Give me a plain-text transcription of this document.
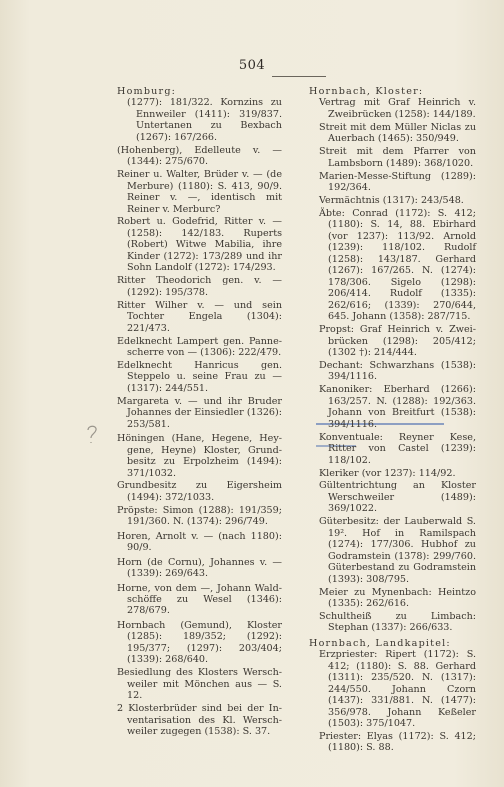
504
Homburg:
(1277): 181/322. Kornzins zu Ennweiler (1411): 319/837. Untertanen zu Bexbach (1267): 167/266.
(Hohenberg), Edelleute v. — (1344): 275/670.
Reiner u. Walter, Brüder v. — (de Merbure) (1180): S. 413, 90/9. Reiner v. —, identisch mit Reiner v. Merburc?
Robert u. Godefrid, Ritter v. — (1258): 142/183. Ruperts (Robert) Witwe Mabilia, ihre Kinder (1272): 173/289 und ihr Sohn Landolf (1272): 174/293.
Ritter Theodorich gen. v. — (1292): 195/378.
Ritter Wilher v. — und sein Tochter Engela (1304): 221/473.
Edelknecht Lampert gen. Panne-scherre von — (1306): 222/479.
Edelknecht Hanricus gen. Steppelo u. seine Frau zu — (1317): 244/551.
Margareta v. — und ihr Bruder Johannes der Einsiedler (1326): 253/581.
Höningen (Hane, Hegene, Hey-gene, Heyne) Kloster, Grund-besitz zu Erpolzheim (1494): 371/1032.
Grundbesitz zu Eigersheim (1494): 372/1033.
Pröpste: Simon (1288): 191/359; 191/360. N. (1374): 296/749.
Horen, Arnolt v. — (nach 1180): 90/9.
Horn (de Cornu), Johannes v. — (1339): 269/643.
Horne, von dem —, Johann Wald-schöffe zu Wesel (1346): 278/679.
Hornbach (Gemund), Kloster (1285): 189/352; (1292): 195/377; (1297): 203/404; (1339): 268/640.
Besiedlung des Klosters Wersch-weiler mit Mönchen aus — S. 12.
2 Klosterbrüder sind bei der In-ventarisation des Kl. Wersch-weiler zugegen (1538): S. 37.
Hornbach, Kloster:
Vertrag mit Graf Heinrich v. Zweibrücken (1258): 144/189.
Streit mit dem Müller Niclas zu Auerbach (1465): 350/949.
Streit mit dem Pfarrer von Lambsborn (1489): 368/1020.
Marien-Messe-Stiftung (1289): 192/364.
Vermächtnis (1317): 243/548.
Äbte: Conrad (1172): S. 412; (1180): S. 14, 88. Ebirhard (vor 1237): 113/92. Arnold (1239): 118/102. Rudolf (1258): 143/187. Gerhard (1267): 167/265. N. (1274): 178/306. Sigelo (1298): 206/414. Rudolf (1335): 262/616; (1339): 270/644, 645. Johann (1358): 287/715.
Propst: Graf Heinrich v. Zwei-brücken (1298): 205/412; (1302 †): 214/444.
Dechant: Schwarzhans (1538): 394/1116.
Kanoniker: Eberhard (1266): 163/257. N. (1288): 192/363. Johann von Breitfurt (1538): 394/1116.
Konventuale: Reyner Kese, Ritter von Castel (1239): 118/102.
Kleriker (vor 1237): 114/92.
Gültentrichtung an Kloster Werschweiler (1489): 369/1022.
Güterbesitz: der Lauberwald S. 19². Hof in Ramilspach (1274): 177/306. Hubhof zu Godramstein (1378): 299/760. Güterbestand zu Godramstein (1393): 308/795.
Meier zu Mynenbach: Heintzo (1335): 262/616.
Schultheiß zu Limbach: Stephan (1337): 266/633.
Hornbach, Landkapitel:
Erzpriester: Ripert (1172): S. 412; (1180): S. 88. Gerhard (1311): 235/520. N. (1317): 244/550. Johann Czorn (1437): 331/881. N. (1477): 356/978. Johann Keßeler (1503): 375/1047.
Priester: Elyas (1172): S. 412; (1180): S. 88.
